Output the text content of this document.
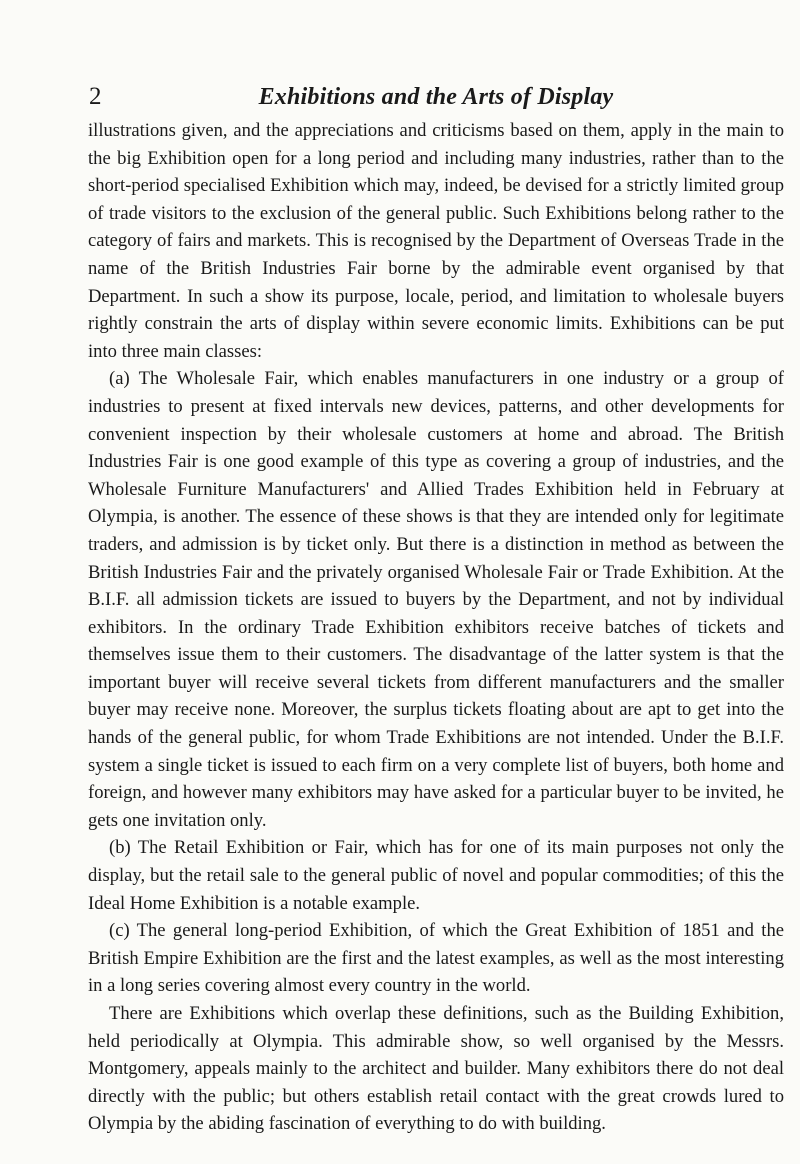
2	Exhibitions and the Arts of Display

illustrations given, and the appreciations and criticisms based on them, apply in the main to the big Exhibition open for a long period and including many industries, rather than to the short-period specialised Exhibition which may, indeed, be devised for a strictly limited group of trade visitors to the exclusion of the general public. Such Exhibitions belong rather to the category of fairs and markets. This is recognised by the Department of Overseas Trade in the name of the British Industries Fair borne by the admirable event organised by that Department. In such a show its purpose, locale, period, and limitation to wholesale buyers rightly constrain the arts of display within severe economic limits. Exhibitions can be put into three main classes:

(a) The Wholesale Fair, which enables manufacturers in one industry or a group of industries to present at fixed intervals new devices, patterns, and other developments for convenient inspection by their wholesale customers at home and abroad. The British Industries Fair is one good example of this type as covering a group of industries, and the Wholesale Furniture Manufacturers' and Allied Trades Exhibition held in February at Olympia, is another. The essence of these shows is that they are intended only for legitimate traders, and admission is by ticket only. But there is a distinction in method as between the British Industries Fair and the privately organised Wholesale Fair or Trade Exhibition. At the B.I.F. all admission tickets are issued to buyers by the Department, and not by individual exhibitors. In the ordinary Trade Exhibition exhibitors receive batches of tickets and themselves issue them to their customers. The disadvantage of the latter system is that the important buyer will receive several tickets from different manufacturers and the smaller buyer may receive none. Moreover, the surplus tickets floating about are apt to get into the hands of the general public, for whom Trade Exhibitions are not intended. Under the B.I.F. system a single ticket is issued to each firm on a very complete list of buyers, both home and foreign, and however many exhibitors may have asked for a particular buyer to be invited, he gets one invitation only.

(b) The Retail Exhibition or Fair, which has for one of its main purposes not only the display, but the retail sale to the general public of novel and popular commodities; of this the Ideal Home Exhibition is a notable example.

(c) The general long-period Exhibition, of which the Great Exhibition of 1851 and the British Empire Exhibition are the first and the latest examples, as well as the most interesting in a long series covering almost every country in the world.

There are Exhibitions which overlap these definitions, such as the Building Exhibition, held periodically at Olympia. This admirable show, so well organised by the Messrs. Montgomery, appeals mainly to the architect and builder. Many exhibitors there do not deal directly with the public; but others establish retail contact with the great crowds lured to Olympia by the abiding fascination of everything to do with building.
